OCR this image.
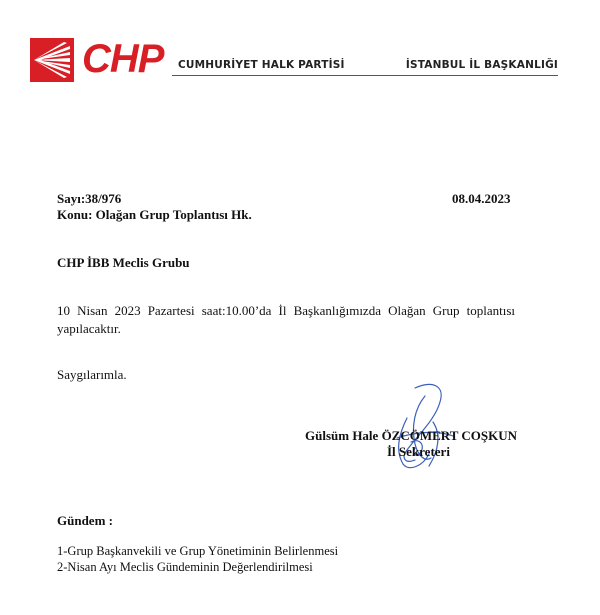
CHP CUMHURİYET HALK PARTİSİ	İSTANBUL İL BAŞKANLIĞI
Sayı:38/976	08.04.2023
Konu: Olağan Grup Toplantısı Hk.
CHP İBB Meclis Grubu
10 Nisan 2023 Pazartesi saat:10.00’da İl Başkanlığımızda Olağan Grup toplantısı yapılacaktır.
Saygılarımla.
Gülsüm Hale ÖZCÖMERT COŞKUN
İl Sekreteri
Gündem :
1-Grup Başkanvekili ve Grup Yönetiminin Belirlenmesi
2-Nisan Ayı Meclis Gündeminin Değerlendirilmesi
